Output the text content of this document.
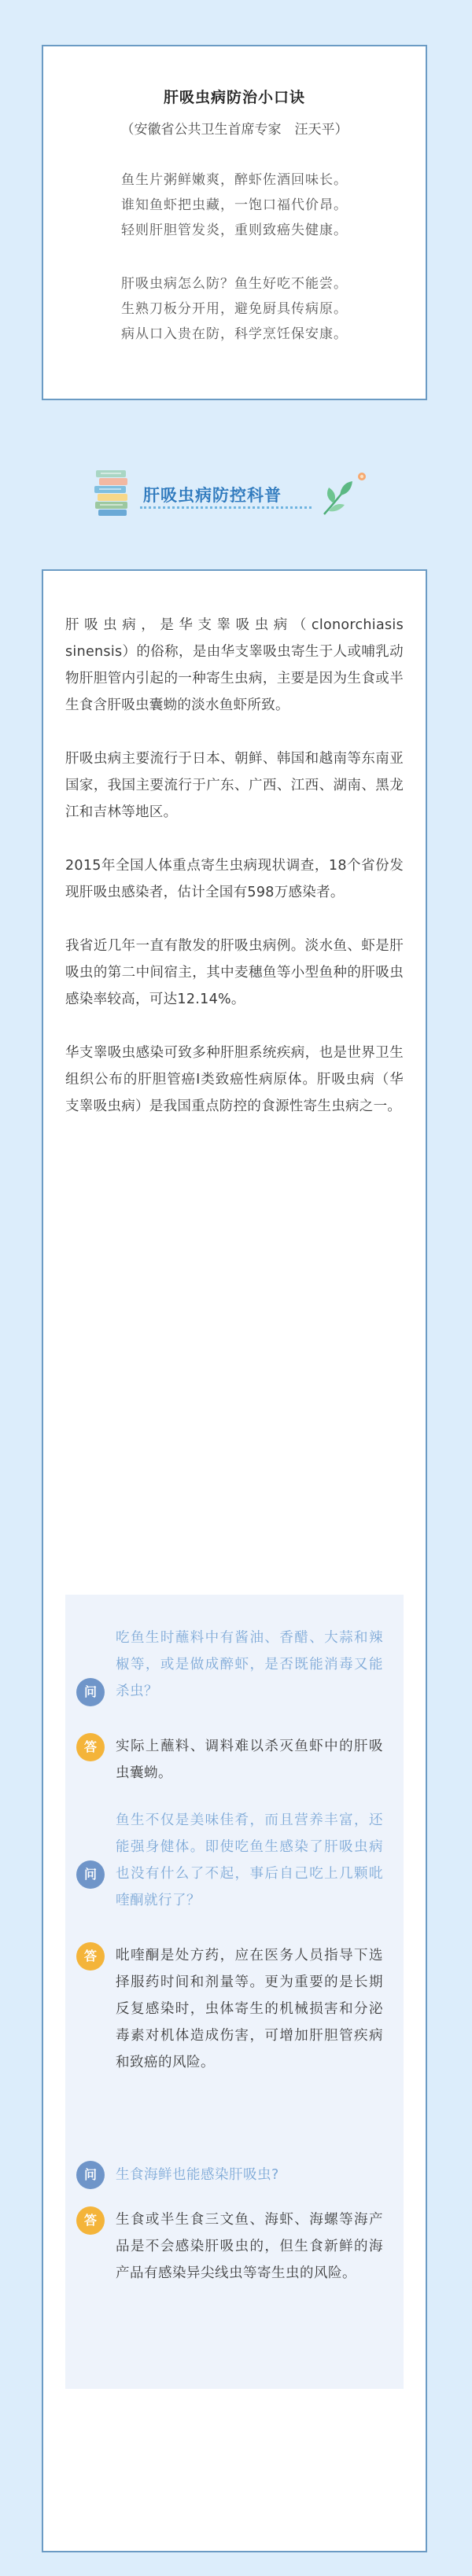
肝吸虫病防治小口诀
（安徽省公共卫生首席专家　汪天平）
鱼生片粥鲜嫩爽，醉虾佐酒回味长。
谁知鱼虾把虫藏，一饱口福代价昂。
轻则肝胆管发炎，重则致癌失健康。
肝吸虫病怎么防？鱼生好吃不能尝。
生熟刀板分开用，避免厨具传病原。
病从口入贵在防，科学烹饪保安康。
肝吸虫病防控科普

肝吸虫病，是华支睾吸虫病（clonorchiasis sinensis）的俗称，是由华支睾吸虫寄生于人或哺乳动物肝胆管内引起的一种寄生虫病，主要是因为生食或半生食含肝吸虫囊蚴的淡水鱼虾所致。

肝吸虫病主要流行于日本、朝鲜、韩国和越南等东南亚国家，我国主要流行于广东、广西、江西、湖南、黑龙江和吉林等地区。

2015年全国人体重点寄生虫病现状调查，18个省份发现肝吸虫感染者，估计全国有598万感染者。

我省近几年一直有散发的肝吸虫病例。淡水鱼、虾是肝吸虫的第二中间宿主，其中麦穗鱼等小型鱼种的肝吸虫感染率较高，可达12.14%。

华支睾吸虫感染可致多种肝胆系统疾病，也是世界卫生组织公布的肝胆管癌Ⅰ类致癌性病原体。肝吸虫病（华支睾吸虫病）是我国重点防控的食源性寄生虫病之一。

问
吃鱼生时蘸料中有酱油、香醋、大蒜和辣椒等，或是做成醉虾，是否既能消毒又能杀虫？
答	实际上蘸料、调料难以杀灭鱼虾中的肝吸虫囊蚴。
问
鱼生不仅是美味佳肴，而且营养丰富，还能强身健体。即使吃鱼生感染了肝吸虫病也没有什么了不起，事后自己吃上几颗吡喹酮就行了？
答	吡喹酮是处方药，应在医务人员指导下选择服药时间和剂量等。更为重要的是长期反复感染时，虫体寄生的机械损害和分泌毒素对机体造成伤害，可增加肝胆管疾病和致癌的风险。
问	生食海鲜也能感染肝吸虫?
答	生食或半生食三文鱼、海虾、海螺等海产品是不会感染肝吸虫的，但生食新鲜的海产品有感染异尖线虫等寄生虫的风险。
